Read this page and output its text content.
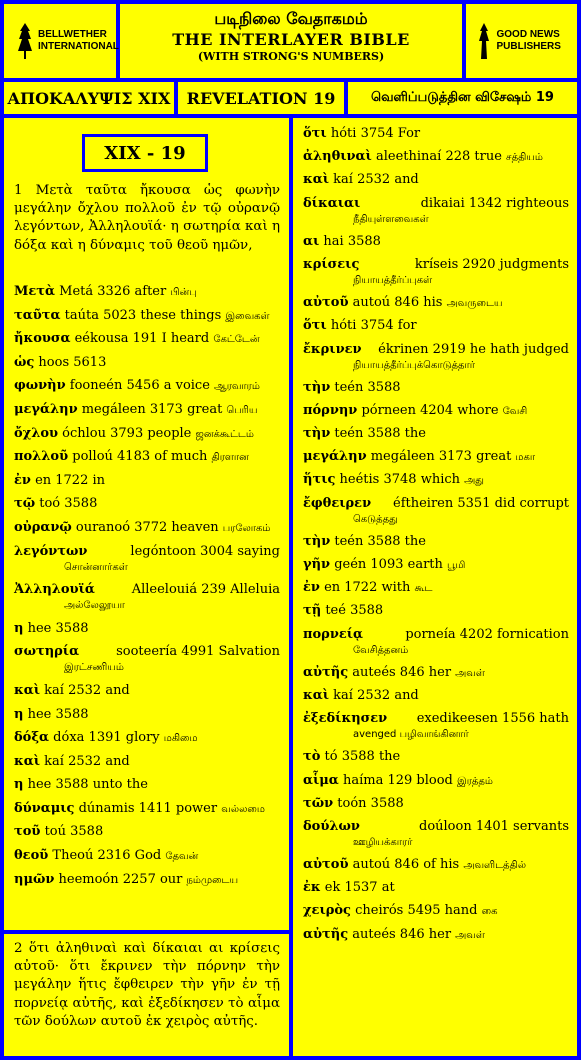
BELLWETHER INTERNATIONAL
படிநிலை வேதாகமம்
THE INTERLAYER BIBLE
(WITH STRONG'S NUMBERS)
GOOD NEWS PUBLISHERS
ΑΠΟΚΑΛΥΨΙΣ XIX	REVELATION 19	வெளிப்படுத்தின விசேஷம் 19
XIX - 19
1 Μετὰ ταῦτα ἤκουσα ὡς φωνὴν μεγάλην ὄχλου πολλοῦ ἐν τῷ οὐρανῷ λεγόντων, Ἀλληλουϊά· η σωτηρία καὶ η δόξα καὶ η δύναμις τοῦ θεοῦ ημῶν,
Μετὰ Metá 3326 after பின்பு
ταῦτα taúta 5023 these things இவைகள்
ἤκουσα eékousa 191 I heard கேட்டேன்
ὡς hoos 5613
φωνὴν fooneén 5456 a voice ஆரவாரம்
μεγάλην megáleen 3173 great பெரிய
ὄχλου óchlou 3793 people ஜனக்கூட்டம்
πολλοῦ polloú 4183 of much திரளான
ἐν en 1722 in
τῷ toó 3588
οὐρανῷ ouranoó 3772 heaven பரலோகம்
λεγόντων	legóntoon 3004 saying
சொன்னார்கள்
Ἀλληλουϊά	Alleelouiá 239 Alleluia
அல்லேலூயா
η hee 3588
σωτηρία	sooteería 4991 Salvation
இரட்சணியம்
καὶ kaí 2532 and
η hee 3588
δόξα dóxa 1391 glory மகிமை
καὶ kaí 2532 and
η hee 3588 unto the
δύναμις dúnamis 1411 power வல்லமை
τοῦ toú 3588
θεοῦ Theoú 2316 God தேவன்
ημῶν heemoón 2257 our நம்முடைய
2 ὅτι ἀληθιναὶ καὶ δίκαιαι αι κρίσεις αὐτοῦ· ὅτι ἔκρινεν τὴν πόρνην τὴν μεγάλην ἥτις ἔφθειρεν τὴν γῆν ἐν τῇ πορνείᾳ αὐτῆς, καὶ ἐξεδίκησεν τὸ αἷμα τῶν δούλων αυτοῦ ἐκ χειρὸς αὐτῆς.
ὅτι hóti 3754 For
ἀληθιναὶ aleethinaí 228 true சத்தியம்
καὶ kaí 2532 and
δίκαιαι	dikaiai 1342 righteous
நீதியுள்ளவைகள்
αι hai 3588
κρίσεις	kríseis 2920 judgments
நியாயத்தீர்ப்புகள்
αὐτοῦ autoú 846 his அவருடைய
ὅτι hóti 3754 for
ἔκρινεν ékrinen 2919 he hath judged
நியாயத்தீர்ப்புக்கொடுத்தார்
τὴν teén 3588
πόρνην pórneen 4204 whore வேசி
τὴν teén 3588 the
μεγάλην megáleen 3173 great மகா
ἥτις heétis 3748 which அது
ἔφθειρεν éftheiren 5351 did corrupt
கெடுத்தது
τὴν teén 3588 the
γῆν geén 1093 earth பூமி
ἐν en 1722 with கூட
τῇ teé 3588
πορνείᾳ	porneía 4202 fornication
வேசித்தனம்
αὐτῆς auteés 846 her அவள்
καὶ kaí 2532 and
ἐξεδίκησεν exedikeesen 1556 hath
avenged பழிவாங்கினார்
τὸ tó 3588 the
αἷμα haíma 129 blood இரத்தம்
τῶν toón 3588
δούλων	doúloon 1401 servants
ஊழியக்காரர்
αὐτοῦ autoú 846 of his அவளிடத்தில்
ἐκ ek 1537 at
χειρὸς cheirós 5495 hand கை
αὐτῆς auteés 846 her அவள்
